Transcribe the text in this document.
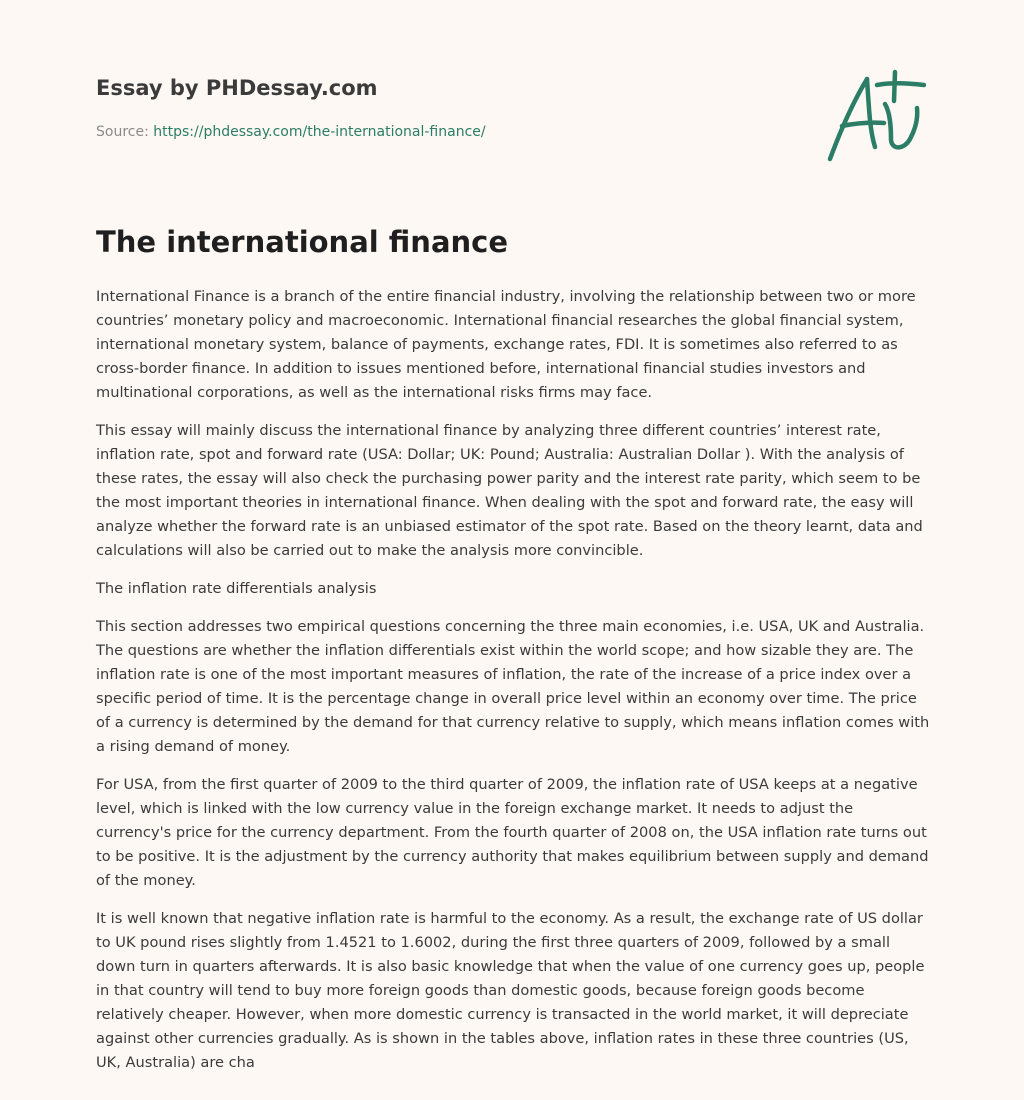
Essay by PHDessay.com
Source: https://phdessay.com/the-international-finance/
The international finance

International Finance is a branch of the entire financial industry, involving the relationship between two or more countries’ monetary policy and macroeconomic. International financial researches the global financial system, international monetary system, balance of payments, exchange rates, FDI. It is sometimes also referred to as cross-border finance. In addition to issues mentioned before, international financial studies investors and multinational corporations, as well as the international risks firms may face.

This essay will mainly discuss the international finance by analyzing three different countries’ interest rate, inflation rate, spot and forward rate (USA: Dollar; UK: Pound; Australia: Australian Dollar ). With the analysis of these rates, the essay will also check the purchasing power parity and the interest rate parity, which seem to be the most important theories in international finance. When dealing with the spot and forward rate, the easy will analyze whether the forward rate is an unbiased estimator of the spot rate. Based on the theory learnt, data and calculations will also be carried out to make the analysis more convincible.

The inflation rate differentials analysis

This section addresses two empirical questions concerning the three main economies, i.e. USA, UK and Australia. The questions are whether the inflation differentials exist within the world scope; and how sizable they are. The inflation rate is one of the most important measures of inflation, the rate of the increase of a price index over a specific period of time. It is the percentage change in overall price level within an economy over time. The price of a currency is determined by the demand for that currency relative to supply, which means inflation comes with a rising demand of money.

For USA, from the first quarter of 2009 to the third quarter of 2009, the inflation rate of USA keeps at a negative level, which is linked with the low currency value in the foreign exchange market. It needs to adjust the currency's price for the currency department. From the fourth quarter of 2008 on, the USA inflation rate turns out to be positive. It is the adjustment by the currency authority that makes equilibrium between supply and demand of the money.

It is well known that negative inflation rate is harmful to the economy. As a result, the exchange rate of US dollar to UK pound rises slightly from 1.4521 to 1.6002, during the first three quarters of 2009, followed by a small down turn in quarters afterwards. It is also basic knowledge that when the value of one currency goes up, people in that country will tend to buy more foreign goods than domestic goods, because foreign goods become relatively cheaper. However, when more domestic currency is transacted in the world market, it will depreciate against other currencies gradually. As is shown in the tables above, inflation rates in these three countries (US, UK, Australia) are cha
